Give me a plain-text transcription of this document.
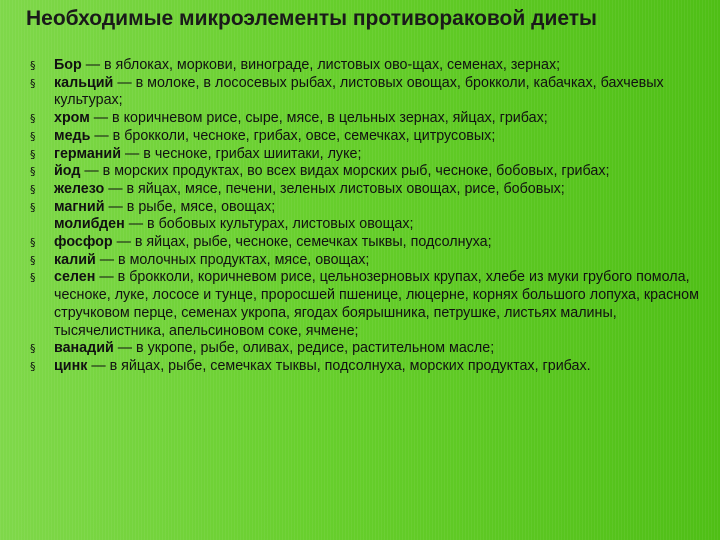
Необходимые микроэлементы противораковой диеты
§ Бор — в яблоках, моркови, винограде, листовых ово-щах, семенах, зернах;
§ кальций — в молоке, в лососевых рыбах, листовых овощах, брокколи, кабачках, бахчевых культурах;
§ хром — в коричневом рисе, сыре, мясе, в цельных зернах, яйцах, грибах;
§ медь — в брокколи, чесноке, грибах, овсе, семечках, цитрусовых;
§ германий — в чесноке, грибах шиитаки, луке;
§ йод — в морских продуктах, во всех видах морских рыб, чесноке, бобовых, грибах;
§ железо — в яйцах, мясе, печени, зеленых листовых овощах, рисе, бобовых;
§ магний — в рыбе, мясе, овощах;
молибден — в бобовых культурах, листовых овощах;
§ фосфор — в яйцах, рыбе, чесноке, семечках тыквы, подсолнуха;
§ калий — в молочных продуктах, мясе, овощах;
§ селен — в брокколи, коричневом рисе, цельнозерновых крупах, хлебе из муки грубого помола, чесноке, луке, лососе и тунце, проросшей пшенице, люцерне, корнях большого лопуха, красном стручковом перце, семенах укропа, ягодах боярышника, петрушке, листьях малины, тысячелистника, апельсиновом соке, ячмене;
§ ванадий — в укропе, рыбе, оливах, редисе, растительном масле;
§ цинк — в яйцах, рыбе, семечках тыквы, подсолнуха, морских продуктах, грибах.
